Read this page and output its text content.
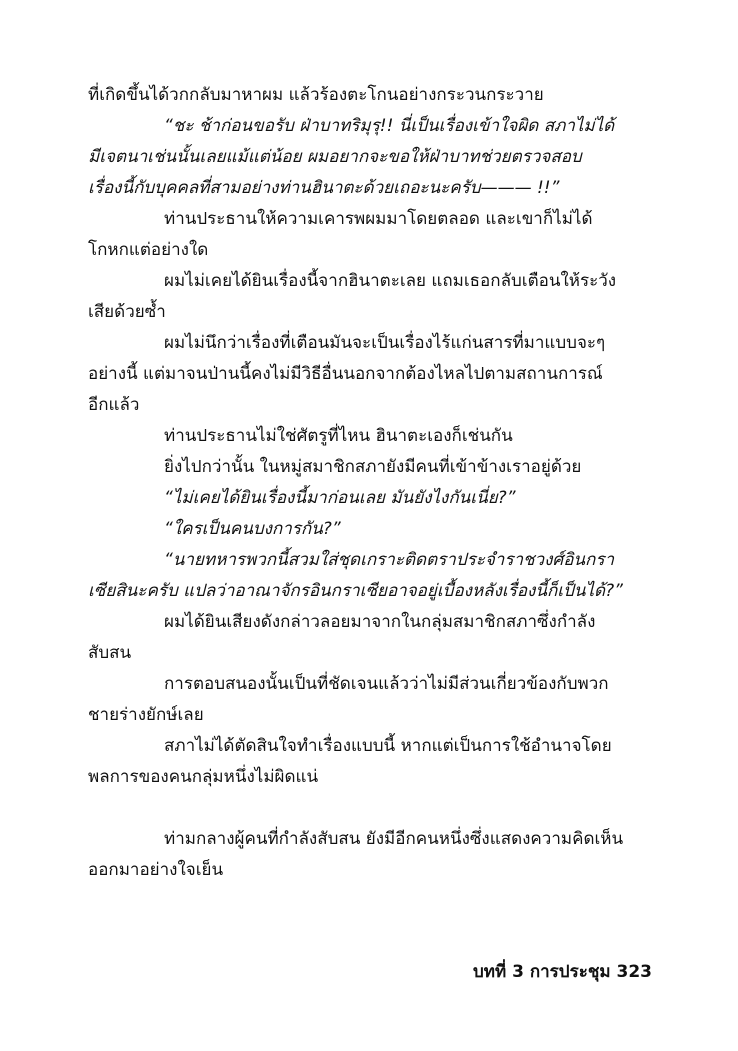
ที่เกิดขึ้นได้วกกลับมาหาผม แล้วร้องตะโกนอย่างกระวนกระวาย
“ชะ ช้าก่อนขอรับ ฝ่าบาทริมุรุ!! นี่เป็นเรื่องเข้าใจผิด สภาไม่ได้
มีเจตนาเช่นนั้นเลยแม้แต่น้อย ผมอยากจะขอให้ฝ่าบาทช่วยตรวจสอบ
เรื่องนี้กับบุคคลที่สามอย่างท่านฮินาตะด้วยเถอะนะครับ——— !!”
ท่านประธานให้ความเคารพผมมาโดยตลอด และเขาก็ไม่ได้
โกหกแต่อย่างใด
ผมไม่เคยได้ยินเรื่องนี้จากฮินาตะเลย แถมเธอกลับเตือนให้ระวัง
เสียด้วยซ้ำ
ผมไม่นึกว่าเรื่องที่เตือนมันจะเป็นเรื่องไร้แก่นสารที่มาแบบจะๆ
อย่างนี้ แต่มาจนป่านนี้คงไม่มีวิธีอื่นนอกจากต้องไหลไปตามสถานการณ์
อีกแล้ว
ท่านประธานไม่ใช่ศัตรูที่ไหน ฮินาตะเองก็เช่นกัน
ยิ่งไปกว่านั้น ในหมู่สมาชิกสภายังมีคนที่เข้าข้างเราอยู่ด้วย
“ไม่เคยได้ยินเรื่องนี้มาก่อนเลย มันยังไงกันเนี่ย?”
“ใครเป็นคนบงการกัน?”
“นายทหารพวกนี้สวมใส่ชุดเกราะติดตราประจำราชวงศ์อินกรา
เซียสินะครับ แปลว่าอาณาจักรอินกราเซียอาจอยู่เบื้องหลังเรื่องนี้ก็เป็นได้?”
ผมได้ยินเสียงดังกล่าวลอยมาจากในกลุ่มสมาชิกสภาซึ่งกำลัง
สับสน
การตอบสนองนั้นเป็นที่ชัดเจนแล้วว่าไม่มีส่วนเกี่ยวข้องกับพวก
ชายร่างยักษ์เลย
สภาไม่ได้ตัดสินใจทำเรื่องแบบนี้ หากแต่เป็นการใช้อำนาจโดย
พลการของคนกลุ่มหนึ่งไม่ผิดแน่
ท่ามกลางผู้คนที่กำลังสับสน ยังมีอีกคนหนึ่งซึ่งแสดงความคิดเห็น
ออกมาอย่างใจเย็น
บทที่ 3 การประชุม 323
